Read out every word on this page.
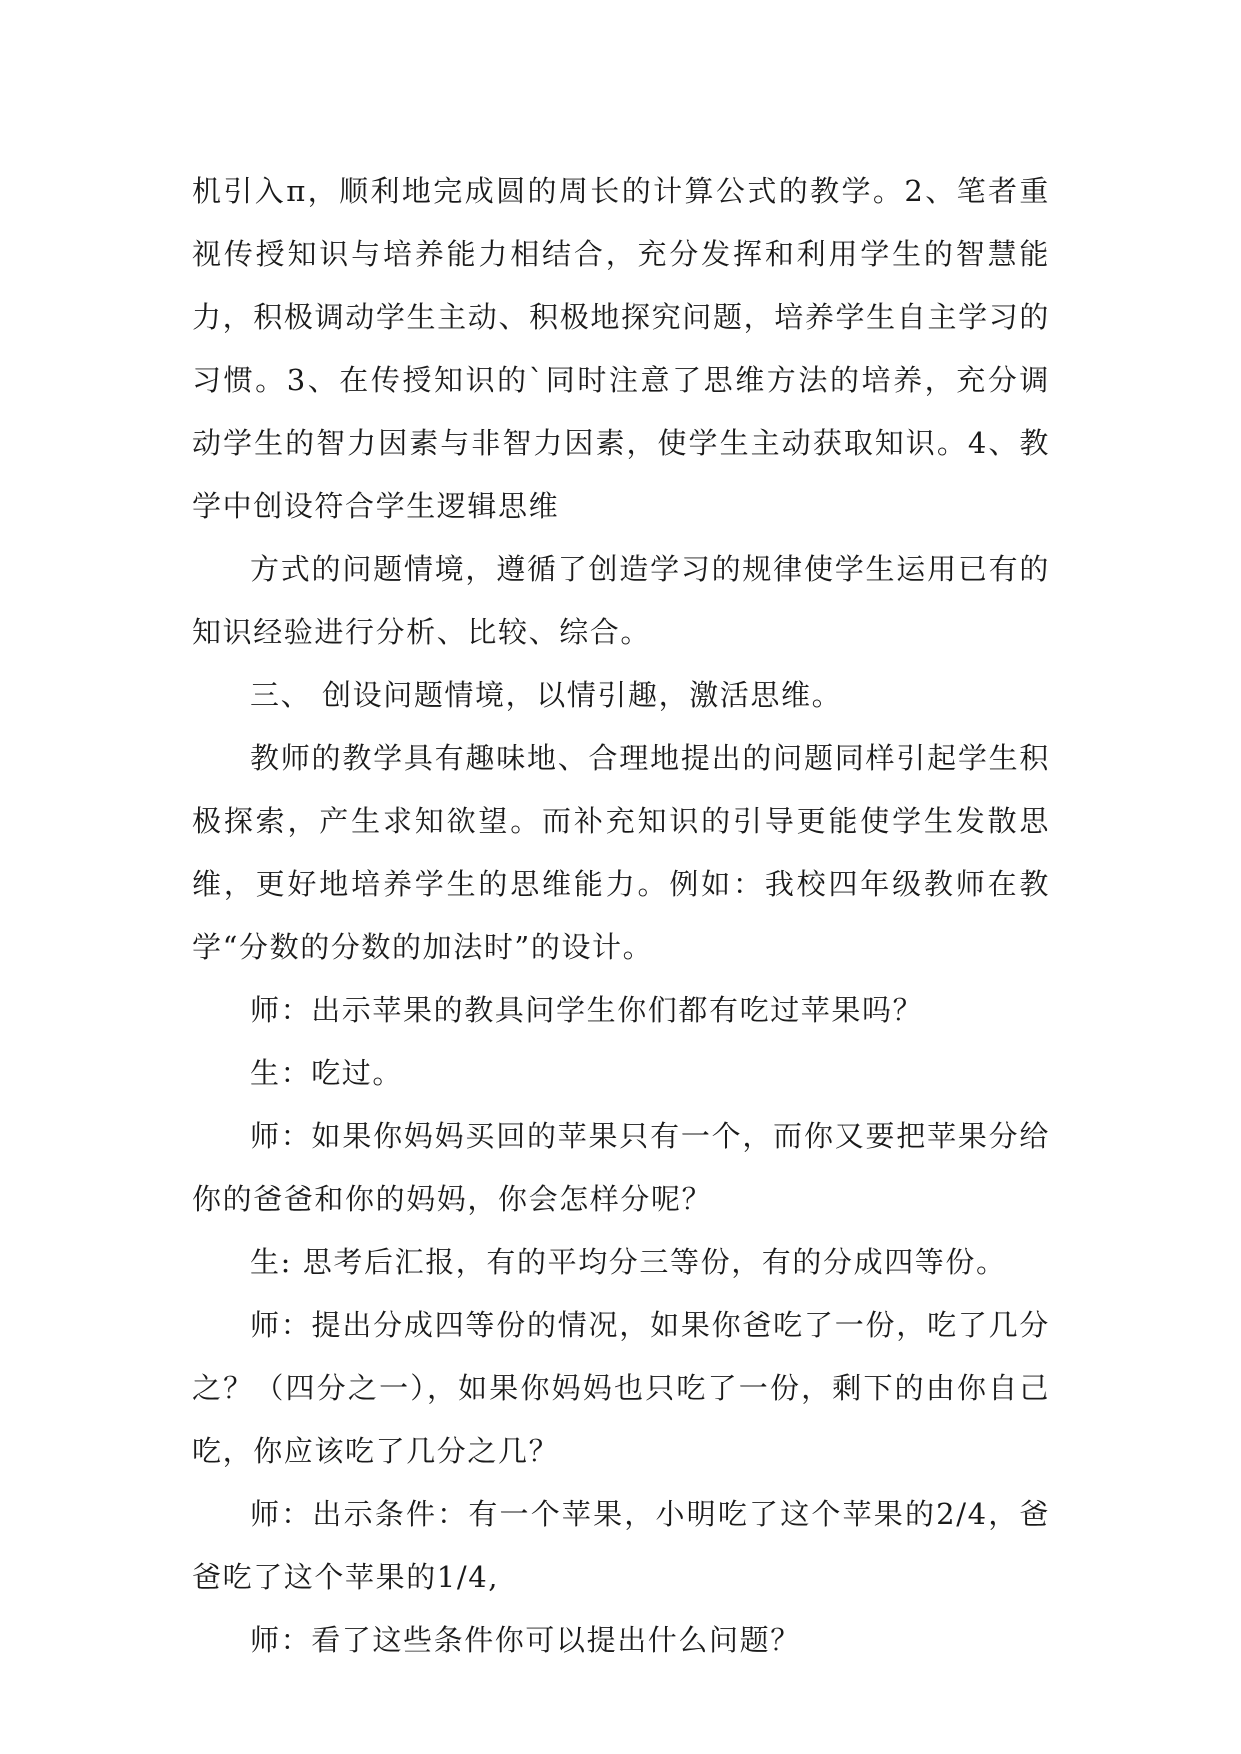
机引入π，顺利地完成圆的周长的计算公式的教学。2、笔者重视传授知识与培养能力相结合，充分发挥和利用学生的智慧能力，积极调动学生主动、积极地探究问题，培养学生自主学习的习惯。3、在传授知识的`同时注意了思维方法的培养，充分调动学生的智力因素与非智力因素，使学生主动获取知识。4、教学中创设符合学生逻辑思维

方式的问题情境，遵循了创造学习的规律使学生运用已有的知识经验进行分析、比较、综合。

三、 创设问题情境，以情引趣，激活思维。

教师的教学具有趣味地、合理地提出的问题同样引起学生积极探索，产生求知欲望。而补充知识的引导更能使学生发散思维，更好地培养学生的思维能力。例如：我校四年级教师在教学“分数的分数的加法时”的设计。

师：出示苹果的教具问学生你们都有吃过苹果吗？

生：吃过。

师：如果你妈妈买回的苹果只有一个，而你又要把苹果分给你的爸爸和你的妈妈，你会怎样分呢？

生: 思考后汇报，有的平均分三等份，有的分成四等份。

师：提出分成四等份的情况，如果你爸吃了一份，吃了几分之？（四分之一），如果你妈妈也只吃了一份，剩下的由你自己吃，你应该吃了几分之几？

师：出示条件：有一个苹果，小明吃了这个苹果的2/4，爸爸吃了这个苹果的1/4,

师：看了这些条件你可以提出什么问题？
